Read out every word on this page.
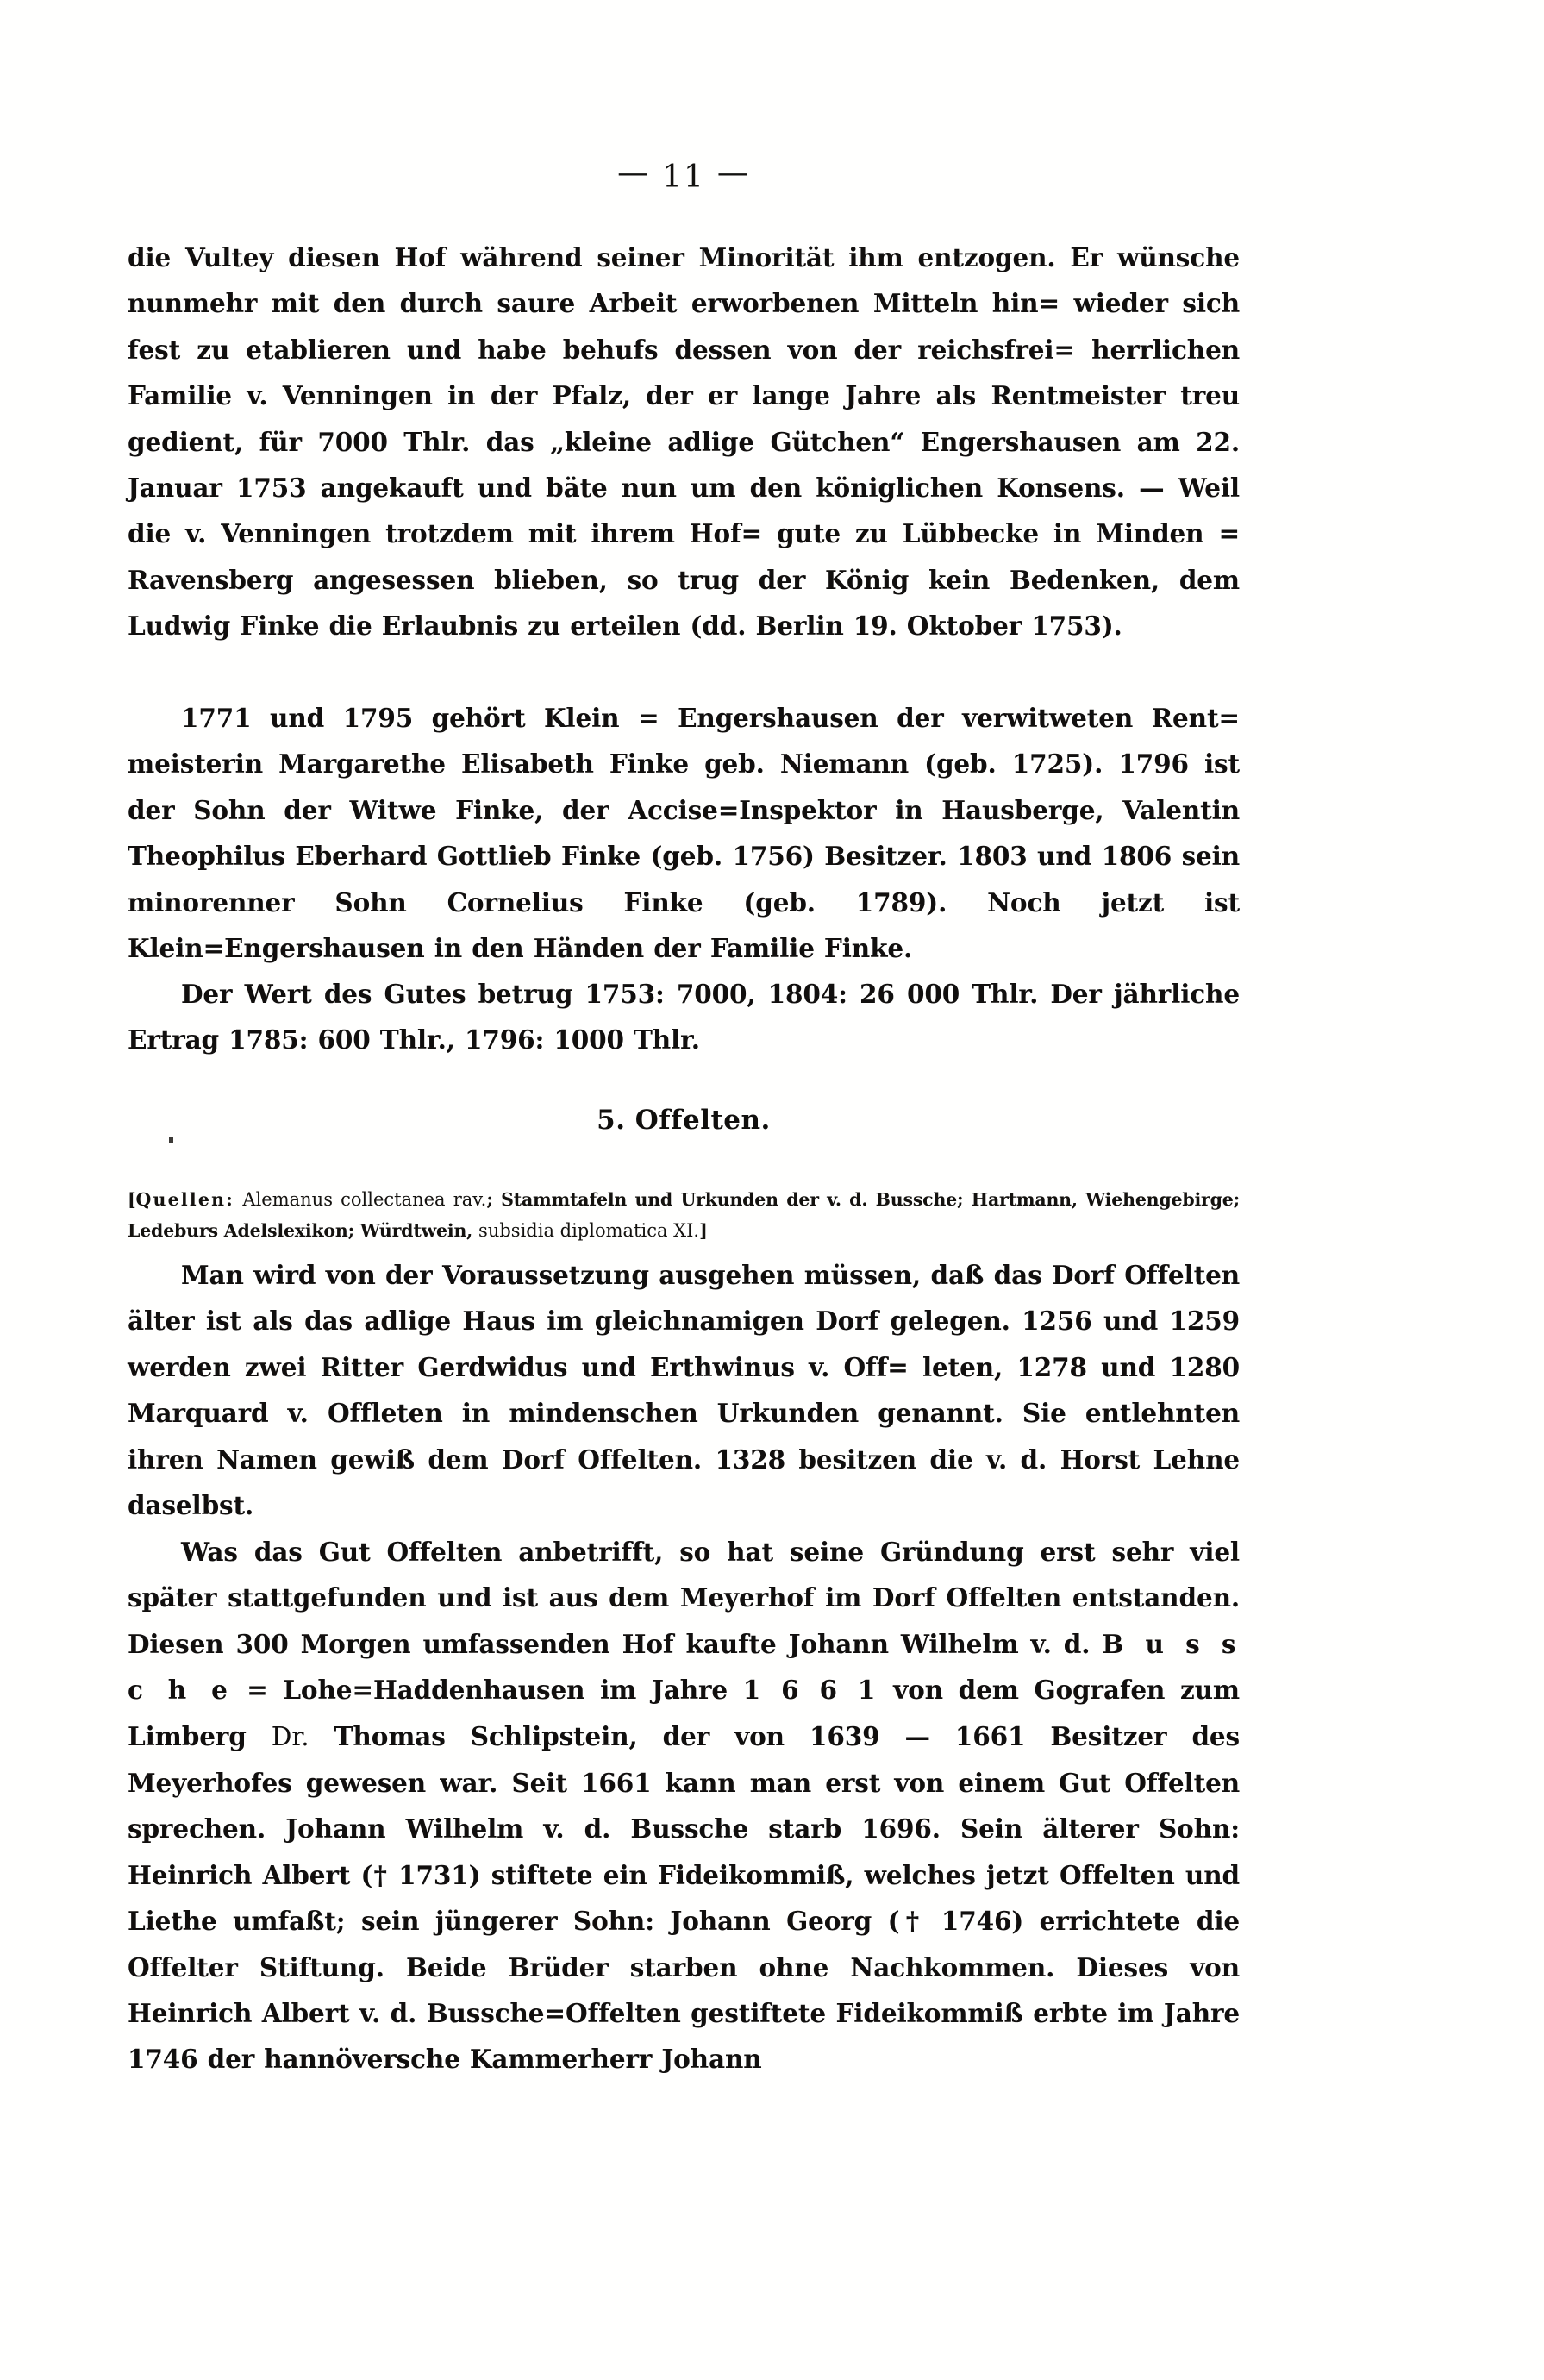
— 11 —

die Vultey diesen Hof während seiner Minorität ihm entzogen. Er wünsche nunmehr mit den durch saure Arbeit erworbenen Mitteln hin= wieder sich fest zu etablieren und habe behufs dessen von der reichsfrei= herrlichen Familie v. Venningen in der Pfalz, der er lange Jahre als Rentmeister treu gedient, für 7000 Thlr. das „kleine adlige Gütchen“ Engershausen am 22. Januar 1753 angekauft und bäte nun um den königlichen Konsens. — Weil die v. Venningen trotzdem mit ihrem Hof= gute zu Lübbecke in Minden = Ravensberg angesessen blieben, so trug der König kein Bedenken, dem Ludwig Finke die Erlaubnis zu erteilen (dd. Berlin 19. Oktober 1753).

1771 und 1795 gehört Klein = Engershausen der verwitweten Rent= meisterin Margarethe Elisabeth Finke geb. Niemann (geb. 1725). 1796 ist der Sohn der Witwe Finke, der Accise=Inspektor in Hausberge, Valentin Theophilus Eberhard Gottlieb Finke (geb. 1756) Besitzer. 1803 und 1806 sein minorenner Sohn Cornelius Finke (geb. 1789). Noch jetzt ist Klein=Engershausen in den Händen der Familie Finke.

Der Wert des Gutes betrug 1753: 7000, 1804: 26 000 Thlr. Der jährliche Ertrag 1785: 600 Thlr., 1796: 1000 Thlr.

5. Offelten.

[Quellen: Alemanus collectanea rav.; Stammtafeln und Urkunden der v. d. Bussche; Hartmann, Wiehengebirge; Ledeburs Adelslexikon; Würdtwein, subsidia diplomatica XI.]

Man wird von der Voraussetzung ausgehen müssen, daß das Dorf Offelten älter ist als das adlige Haus im gleichnamigen Dorf gelegen. 1256 und 1259 werden zwei Ritter Gerdwidus und Erthwinus v. Off= leten, 1278 und 1280 Marquard v. Offleten in mindenschen Urkunden genannt. Sie entlehnten ihren Namen gewiß dem Dorf Offelten. 1328 besitzen die v. d. Horst Lehne daselbst.

Was das Gut Offelten anbetrifft, so hat seine Gründung erst sehr viel später stattgefunden und ist aus dem Meyerhof im Dorf Offelten entstanden. Diesen 300 Morgen umfassenden Hof kaufte Johann Wilhelm v. d. B u s s c h e = Lohe=Haddenhausen im Jahre 1 6 6 1 von dem Gografen zum Limberg Dr. Thomas Schlipstein, der von 1639 — 1661 Besitzer des Meyerhofes gewesen war. Seit 1661 kann man erst von einem Gut Offelten sprechen. Johann Wilhelm v. d. Bussche starb 1696. Sein älterer Sohn: Heinrich Albert († 1731) stiftete ein Fideikommiß, welches jetzt Offelten und Liethe umfaßt; sein jüngerer Sohn: Johann Georg († 1746) errichtete die Offelter Stiftung. Beide Brüder starben ohne Nachkommen. Dieses von Heinrich Albert v. d. Bussche=Offelten gestiftete Fideikommiß erbte im Jahre 1746 der hannöversche Kammerherr Johann
